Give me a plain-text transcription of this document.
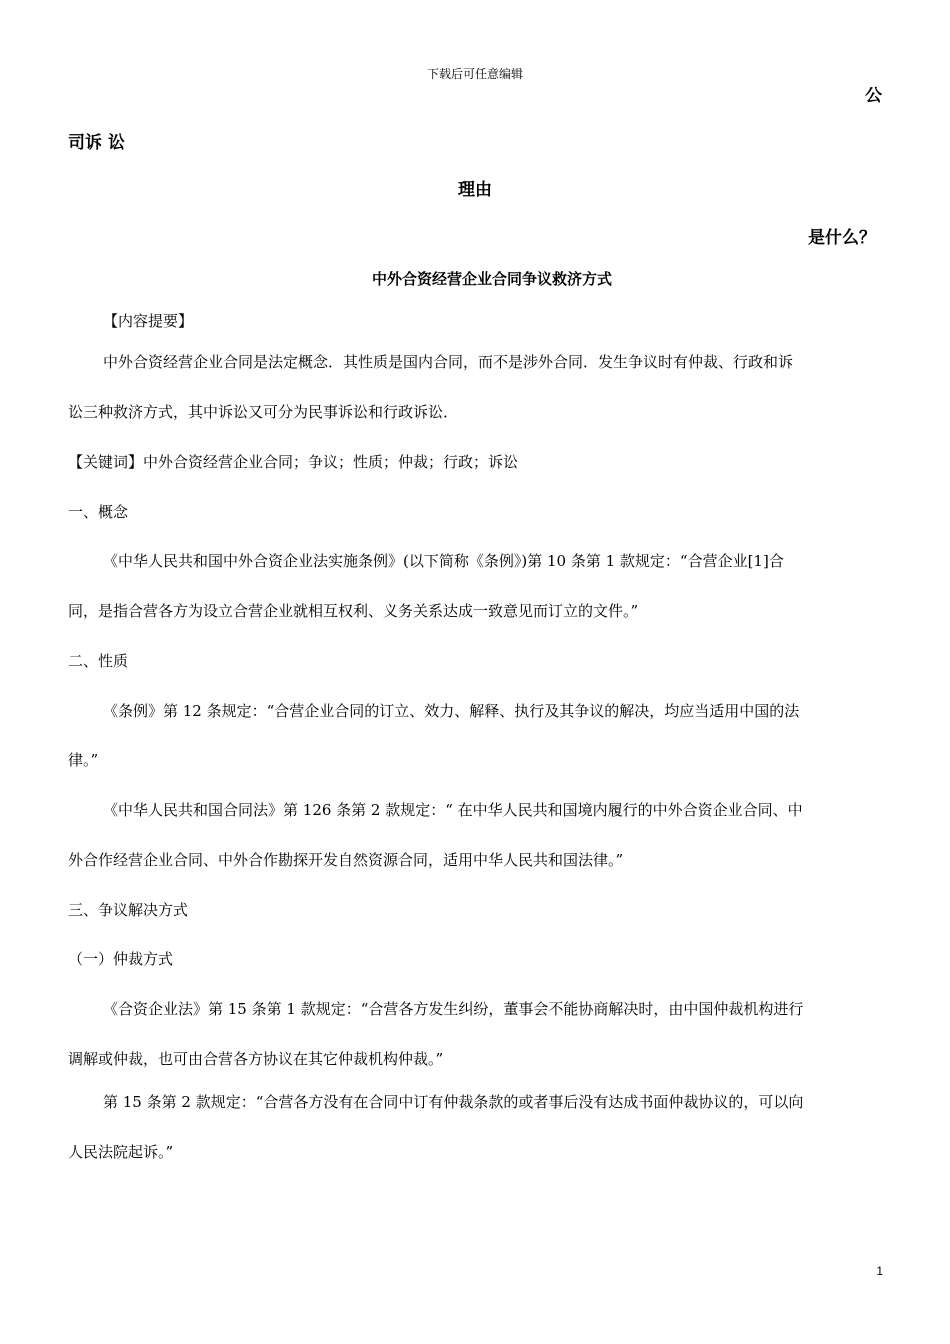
下载后可任意编辑
公
司诉 讼
理由
是什么？
中外合资经营企业合同争议救济方式
【内容提要】
中外合资经营企业合同是法定概念．其性质是国内合同，而不是涉外合同．发生争议时有仲裁、行政和诉
讼三种救济方式，其中诉讼又可分为民事诉讼和行政诉讼．
【关键词】中外合资经营企业合同；争议；性质；仲裁；行政；诉讼
一、概念
《中华人民共和国中外合资企业法实施条例》(以下简称《条例》)第 10 条第 1 款规定：“合营企业[1]合
同，是指合营各方为设立合营企业就相互权利、义务关系达成一致意见而订立的文件。”
二、性质
《条例》第 12 条规定：“合营企业合同的订立、效力、解释、执行及其争议的解决，均应当适用中国的法
律。”
《中华人民共和国合同法》第 126 条第 2 款规定：“ 在中华人民共和国境内履行的中外合资企业合同、中
外合作经营企业合同、中外合作勘探开发自然资源合同，适用中华人民共和国法律。”
三、争议解决方式
（一）仲裁方式
《合资企业法》第 15 条第 1 款规定：“合营各方发生纠纷，董事会不能协商解决时，由中国仲裁机构进行
调解或仲裁，也可由合营各方协议在其它仲裁机构仲裁。”
第 15 条第 2 款规定：“合营各方没有在合同中订有仲裁条款的或者事后没有达成书面仲裁协议的，可以向
人民法院起诉。”
1
